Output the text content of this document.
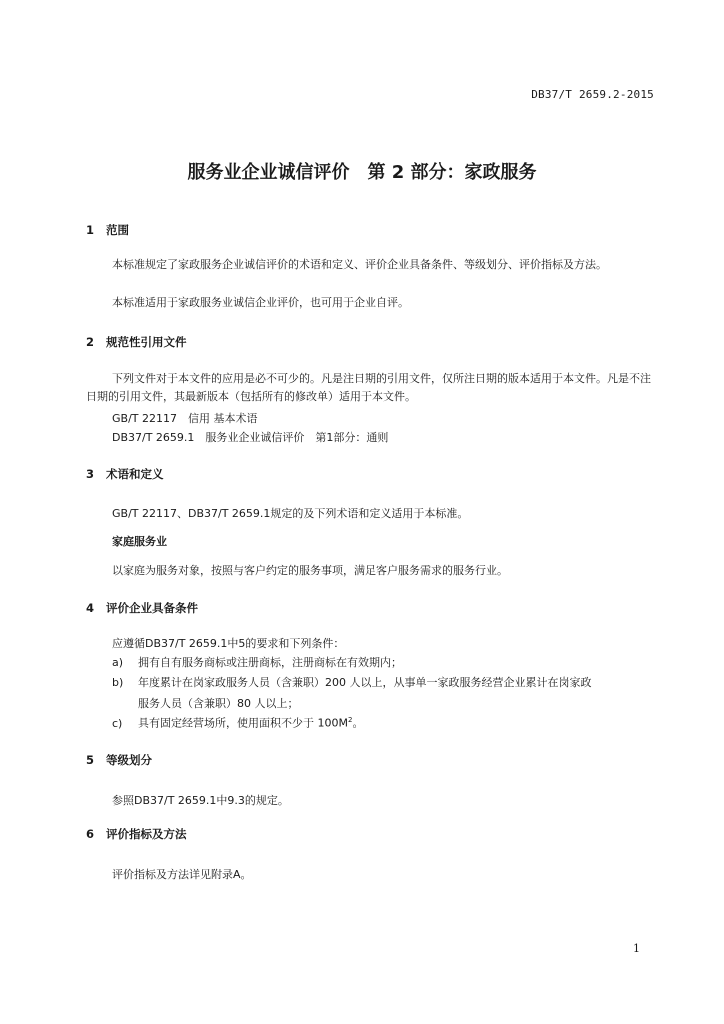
DB37/T 2659.2-2015
服务业企业诚信评价　第 2 部分：家政服务
1 范围

本标准规定了家政服务企业诚信评价的术语和定义、评价企业具备条件、等级划分、评价指标及方法。

本标准适用于家政服务业诚信企业评价，也可用于企业自评。

2 规范性引用文件

下列文件对于本文件的应用是必不可少的。凡是注日期的引用文件，仅所注日期的版本适用于本文件。凡是不注日期的引用文件，其最新版本（包括所有的修改单）适用于本文件。

GB/T 22117　信用 基本术语
DB37/T 2659.1　服务业企业诚信评价　第1部分：通则
3 术语和定义
GB/T 22117、DB37/T 2659.1规定的及下列术语和定义适用于本标准。
家庭服务业
以家庭为服务对象，按照与客户约定的服务事项，满足客户服务需求的服务行业。
4 评价企业具备条件
应遵循DB37/T 2659.1中5的要求和下列条件：
a) 拥有自有服务商标或注册商标，注册商标在有效期内；
b) 年度累计在岗家政服务人员（含兼职）200 人以上，从事单一家政服务经营企业累计在岗家政
服务人员（含兼职）80 人以上；
c) 具有固定经营场所，使用面积不少于 $100M^2$。
5 等级划分
参照DB37/T 2659.1中9.3的规定。
6 评价指标及方法
评价指标及方法详见附录A。
1
